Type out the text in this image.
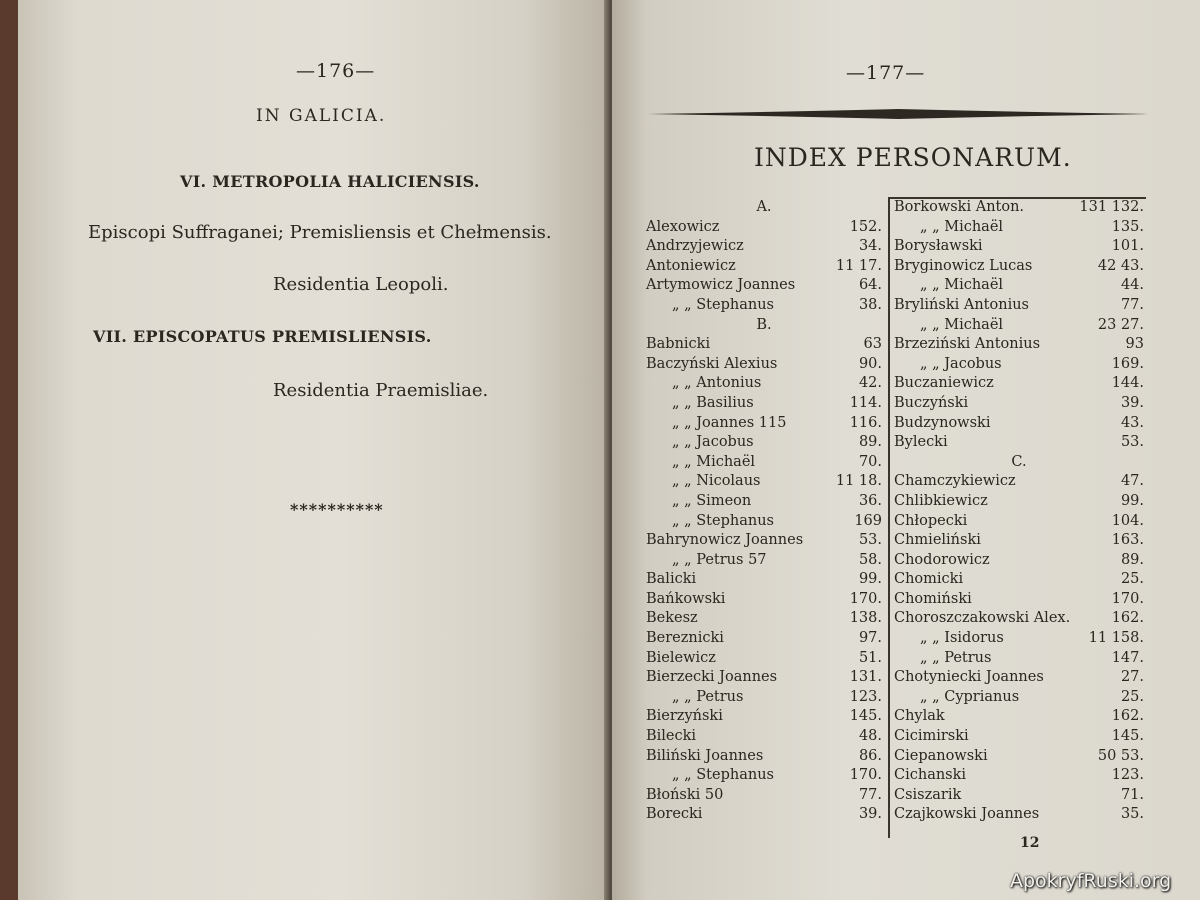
—176—
IN GALICIA.
VI. METROPOLIA HALICIENSIS.
Episcopi Suffraganei; Premisliensis et Chełmensis.
Residentia Leopoli.
VII. EPISCOPATUS PREMISLIENSIS.
Residentia Praemisliae.
**********
—177—
INDEX PERSONARUM.
A.
Alexowicz	152.
Andrzyjewicz	34.
Antoniewicz	11 17.
Artymowicz Joannes	64.
„ „ Stephanus	38.
B.
Babnicki	63
Baczyński Alexius	90.
„ „ Antonius	42.
„ „ Basilius	114.
„ „ Joannes 115	116.
„ „ Jacobus	89.
„ „ Michaël	70.
„ „ Nicolaus	11 18.
„ „ Simeon	36.
„ „ Stephanus	169
Bahrynowicz Joannes	53.
„ „ Petrus 57	58.
Balicki	99.
Bańkowski	170.
Bekesz	138.
Bereznicki	97.
Bielewicz	51.
Bierzecki Joannes	131.
„ „ Petrus	123.
Bierzyński	145.
Bilecki	48.
Biliński Joannes	86.
„ „ Stephanus	170.
Błoński 50	77.
Borecki	39.
Borkowski Anton.	131 132.
„ „ Michaël	135.
Borysławski	101.
Bryginowicz Lucas	42 43.
„ „ Michaël	44.
Bryliński Antonius	77.
„ „ Michaël	23 27.
Brzeziński Antonius	93
„ „ Jacobus	169.
Buczaniewicz	144.
Buczyński	39.
Budzynowski	43.
Bylecki	53.
C.
Chamczykiewicz	47.
Chlibkiewicz	99.
Chłopecki	104.
Chmieliński	163.
Chodorowicz	89.
Chomicki	25.
Chomiński	170.
Choroszczakowski Alex.	162.
„ „ Isidorus	11 158.
„ „ Petrus	147.
Chotyniecki Joannes	27.
„ „ Cyprianus	25.
Chylak	162.
Cicimirski	145.
Ciepanowski	50 53.
Cichanski	123.
Csiszarik	71.
Czajkowski Joannes	35.
12
ApokryfRuski.org
